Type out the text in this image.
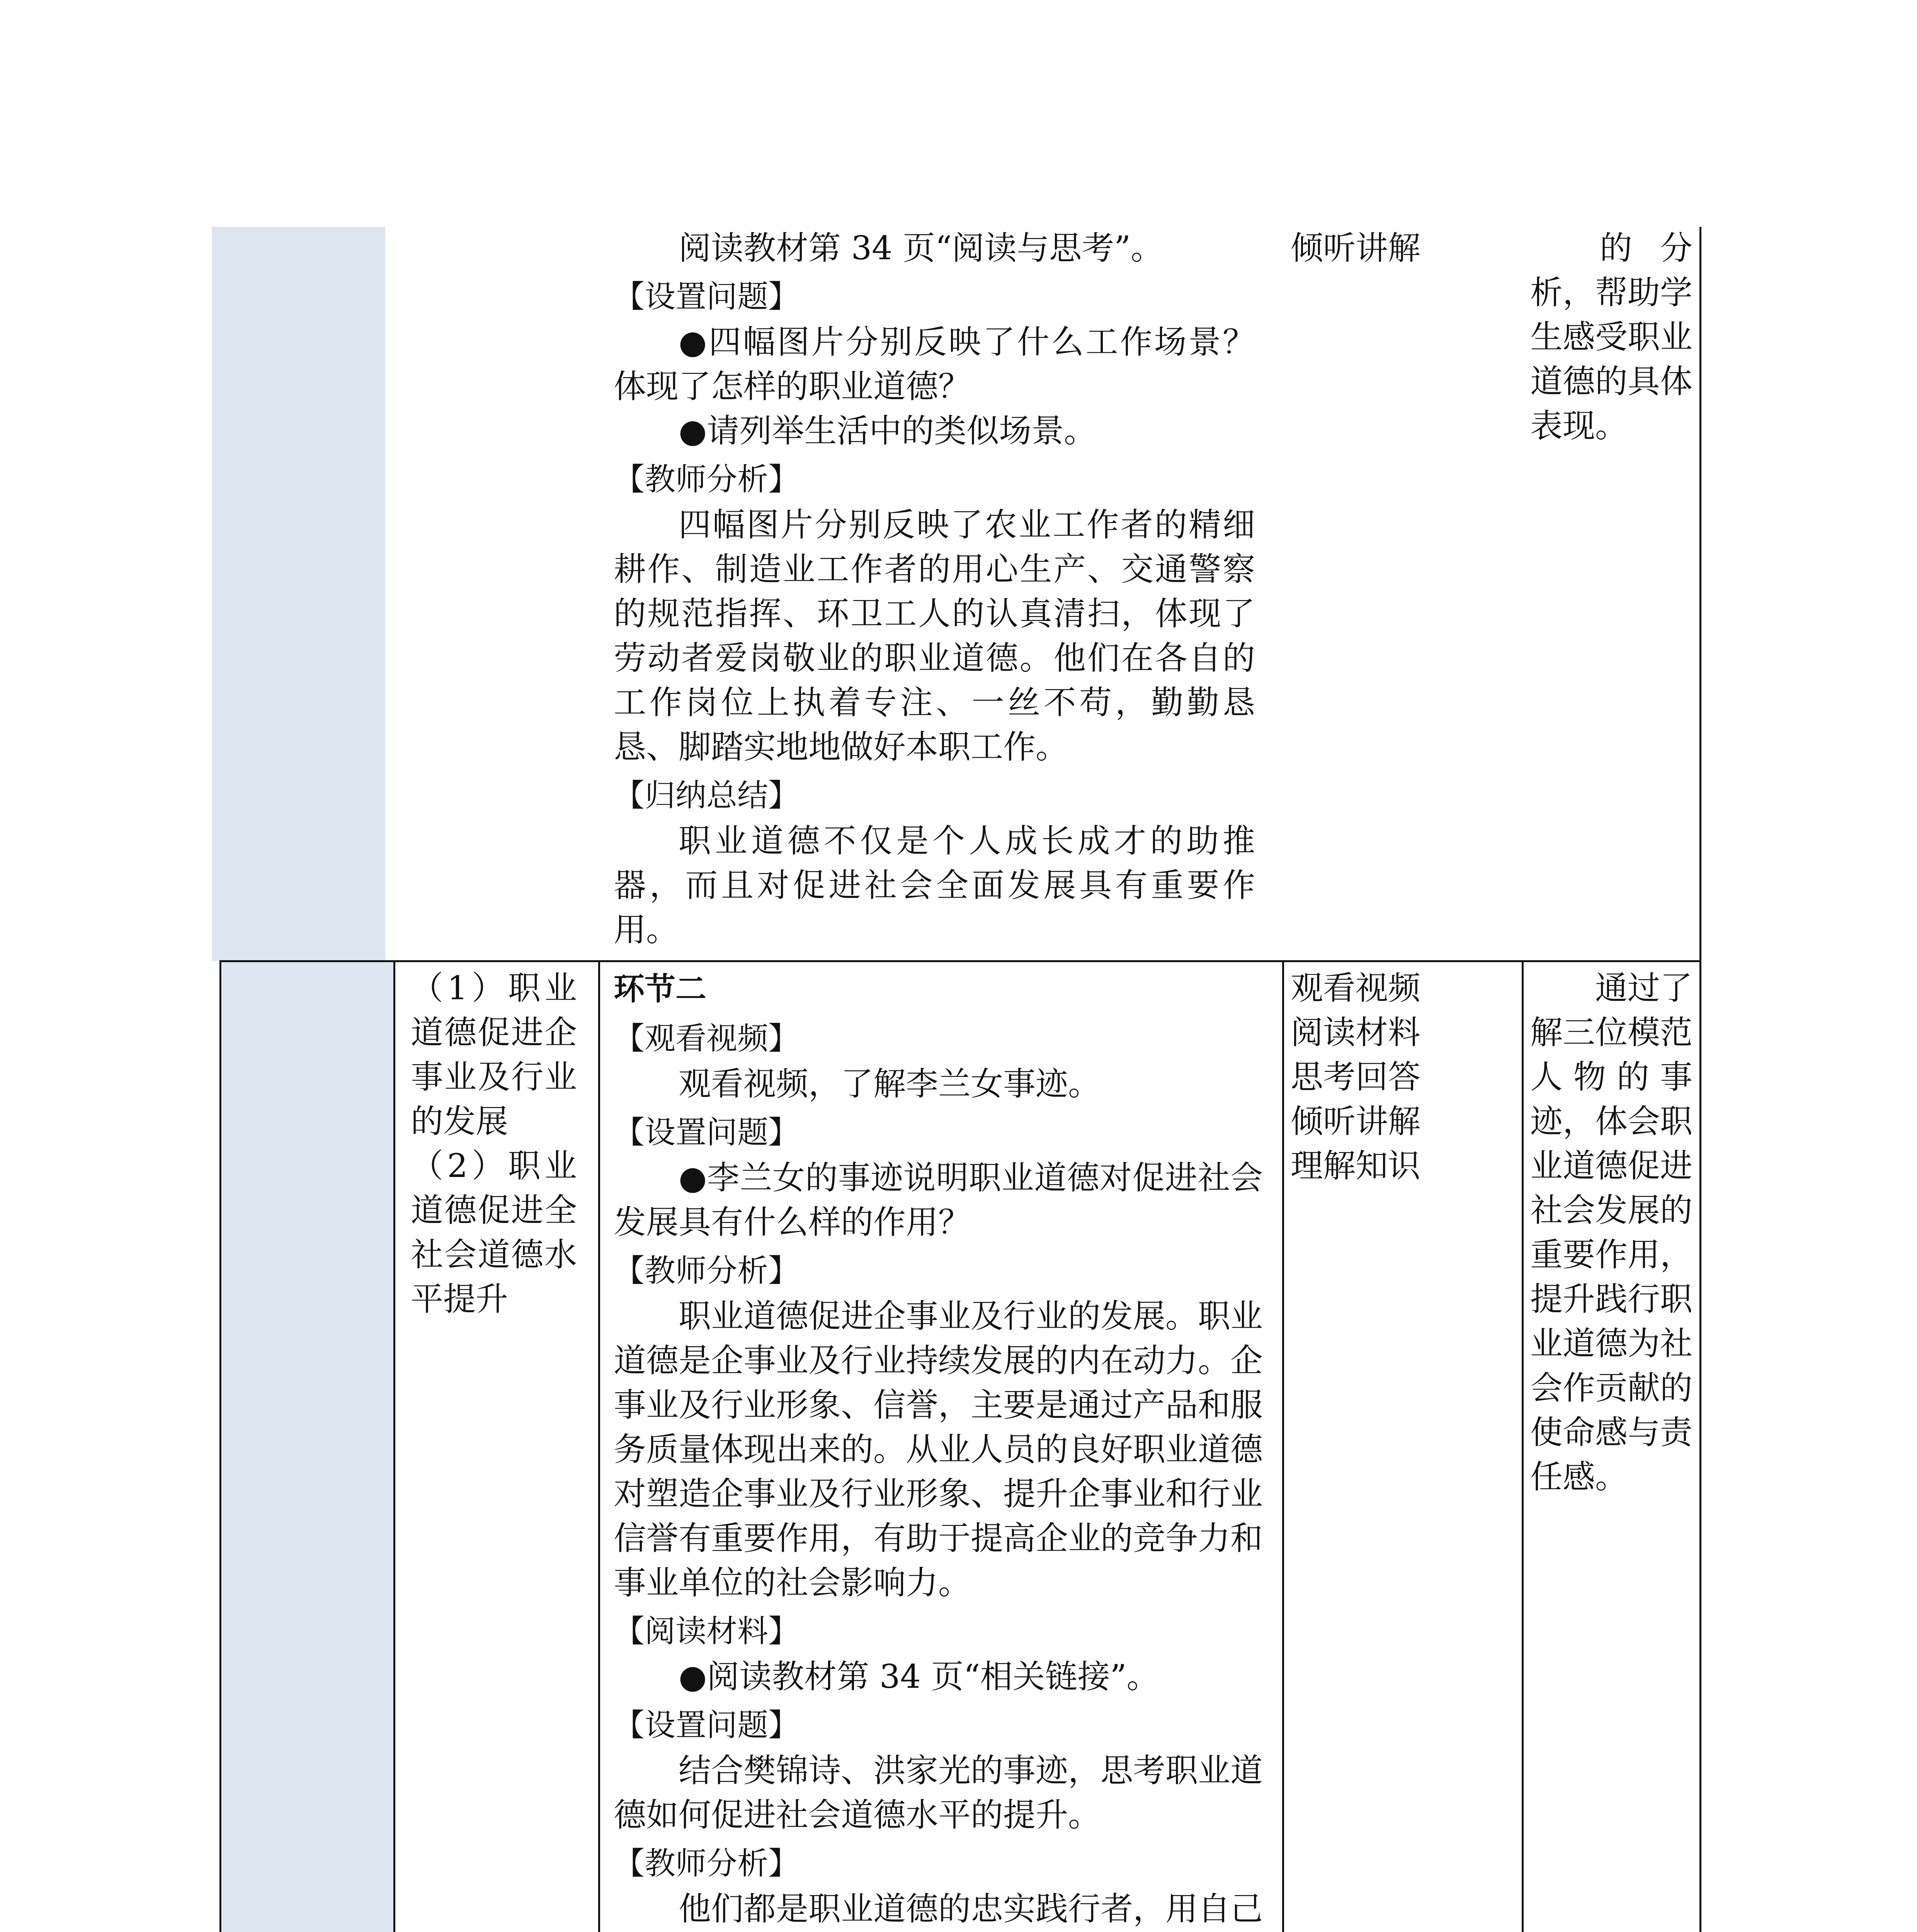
阅读教材第 34 页“阅读与思考”。

【设置问题】

●四幅图片分别反映了什么工作场景？体现了怎样的职业道德？

●请列举生活中的类似场景。

【教师分析】

四幅图片分别反映了农业工作者的精细耕作、制造业工作者的用心生产、交通警察的规范指挥、环卫工人的认真清扫，体现了劳动者爱岗敬业的职业道德。他们在各自的工作岗位上执着专注、一丝不苟，勤勤恳恳、脚踏实地地做好本职工作。

【归纳总结】

职业道德不仅是个人成长成才的助推器，而且对促进社会全面发展具有重要作用。

倾听讲解	的分析，帮助学生感受职业道德的具体表现。

（1）职业道德促进企事业及行业的发展

（2）职业道德促进全社会道德水平提升

环节二
【观看视频】

观看视频，了解李兰女事迹。

【设置问题】

●李兰女的事迹说明职业道德对促进社会发展具有什么样的作用？

【教师分析】

职业道德促进企事业及行业的发展。职业道德是企事业及行业持续发展的内在动力。企事业及行业形象、信誉，主要是通过产品和服务质量体现出来的。从业人员的良好职业道德对塑造企事业及行业形象、提升企事业和行业信誉有重要作用，有助于提高企业的竞争力和事业单位的社会影响力。

【阅读材料】

●阅读教材第 34 页“相关链接”。

【设置问题】

结合樊锦诗、洪家光的事迹，思考职业道德如何促进社会道德水平的提升。

【教师分析】

他们都是职业道德的忠实践行者，用自己

观看视频
阅读材料
思考回答
倾听讲解
理解知识

通过了解三位模范人物的事迹，体会职业道德促进社会发展的重要作用，提升践行职业道德为社会作贡献的使命感与责任感。
